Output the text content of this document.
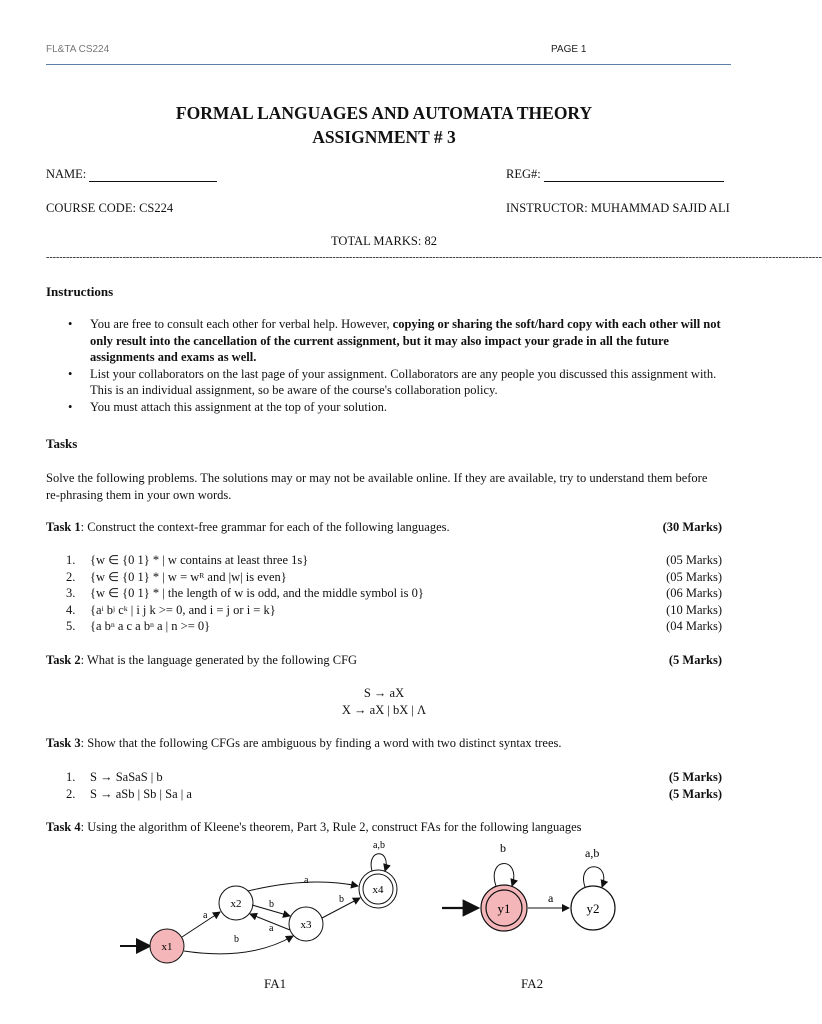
FL&TA CS224	PAGE 1
FORMAL LANGUAGES AND AUTOMATA THEORY
ASSIGNMENT # 3
NAME:	REG#:
COURSE CODE: CS224	INSTRUCTOR: MUHAMMAD SAJID ALI
TOTAL MARKS: 82
-----------------------------------------------------------------------------------------------------------------------------------------------------------------------------------------------------------------------------------------
Instructions
• You are free to consult each other for verbal help. However, copying or sharing the soft/hard copy with each other will not only result into the cancellation of the current assignment, but it may also impact your grade in all the future assignments and exams as well.
• List your collaborators on the last page of your assignment. Collaborators are any people you discussed this assignment with. This is an individual assignment, so be aware of the course's collaboration policy.
• You must attach this assignment at the top of your solution.
Tasks
Solve the following problems. The solutions may or may not be available online. If they are available, try to understand them before re-phrasing them in your own words.
Task 1: Construct the context-free grammar for each of the following languages.	(30 Marks)
1. {w ∈ {0 1} * | w contains at least three 1s}	(05 Marks)
2. {w ∈ {0 1} * | $w = w^R$ and |w| is even}	(05 Marks)
3. {w ∈ {0 1} * | the length of w is odd, and the middle symbol is 0}	(06 Marks)
4. {$a^i$ $b^j$ $c^k$ | i j k >= 0, and i = j or i = k}	(10 Marks)
5. {a $b^n$ a c a $b^n$ a | n >= 0}	(04 Marks)
Task 2: What is the language generated by the following CFG	(5 Marks)
S → aX
X → aX | bX | Λ
Task 3: Show that the following CFGs are ambiguous by finding a word with two distinct syntax trees.
1. S → SaSaS | b	(5 Marks)
2. S → aSb | Sb | Sa | a	(5 Marks)
Task 4: Using the algorithm of Kleene's theorem, Part 3, Rule 2, construct FAs for the following languages
x1
x2
x3
x4
a
b
a
b
a
b
a,b
FA1
y1	y2
a
b	a,b
FA2
